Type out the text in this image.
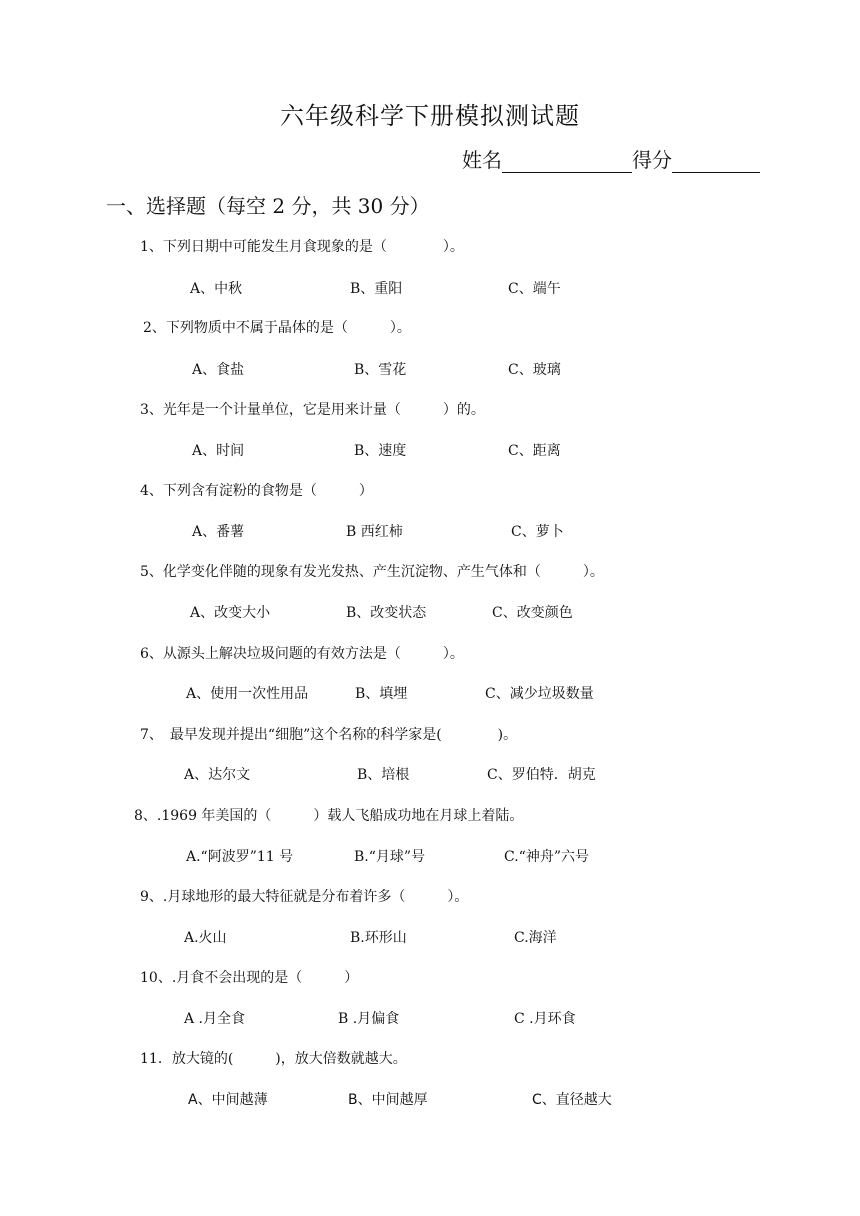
六年级科学下册模拟测试题
姓名	得分
一、选择题（每空 2 分，共 30 分）
1、下列日期中可能发生月食现象的是（　　　　）。
A、中秋	B、重阳	C、端午
2、下列物质中不属于晶体的是（　　　）。
A、食盐	B、雪花	C、玻璃
3、光年是一个计量单位，它是用来计量（　　　）的。
A、时间	B、速度	C、距离
4、下列含有淀粉的食物是（　　　）
A、番薯	B 西红柿	C、萝卜
5、化学变化伴随的现象有发光发热、产生沉淀物、产生气体和（　　　）。
A、改变大小	B、改变状态	C、改变颜色
6、从源头上解决垃圾问题的有效方法是（　　　）。
A、使用一次性用品	B、填埋	C、减少垃圾数量
7、　最早发现并提出“细胞”这个名称的科学家是(　　　　)。
A、达尔文	B、培根	C、罗伯特．胡克
8、.1969 年美国的（　　　）载人飞船成功地在月球上着陆。
A.“阿波罗”11 号	B.“月球”号	C.“神舟”六号
9、.月球地形的最大特征就是分布着许多（　　　）。
A.火山	B.环形山	C.海洋
10、.月食不会出现的是（　　　）
A .月全食	B .月偏食	C .月环食
11．放大镜的(　　　)，放大倍数就越大。
A、中间越薄	B、中间越厚	C、直径越大
